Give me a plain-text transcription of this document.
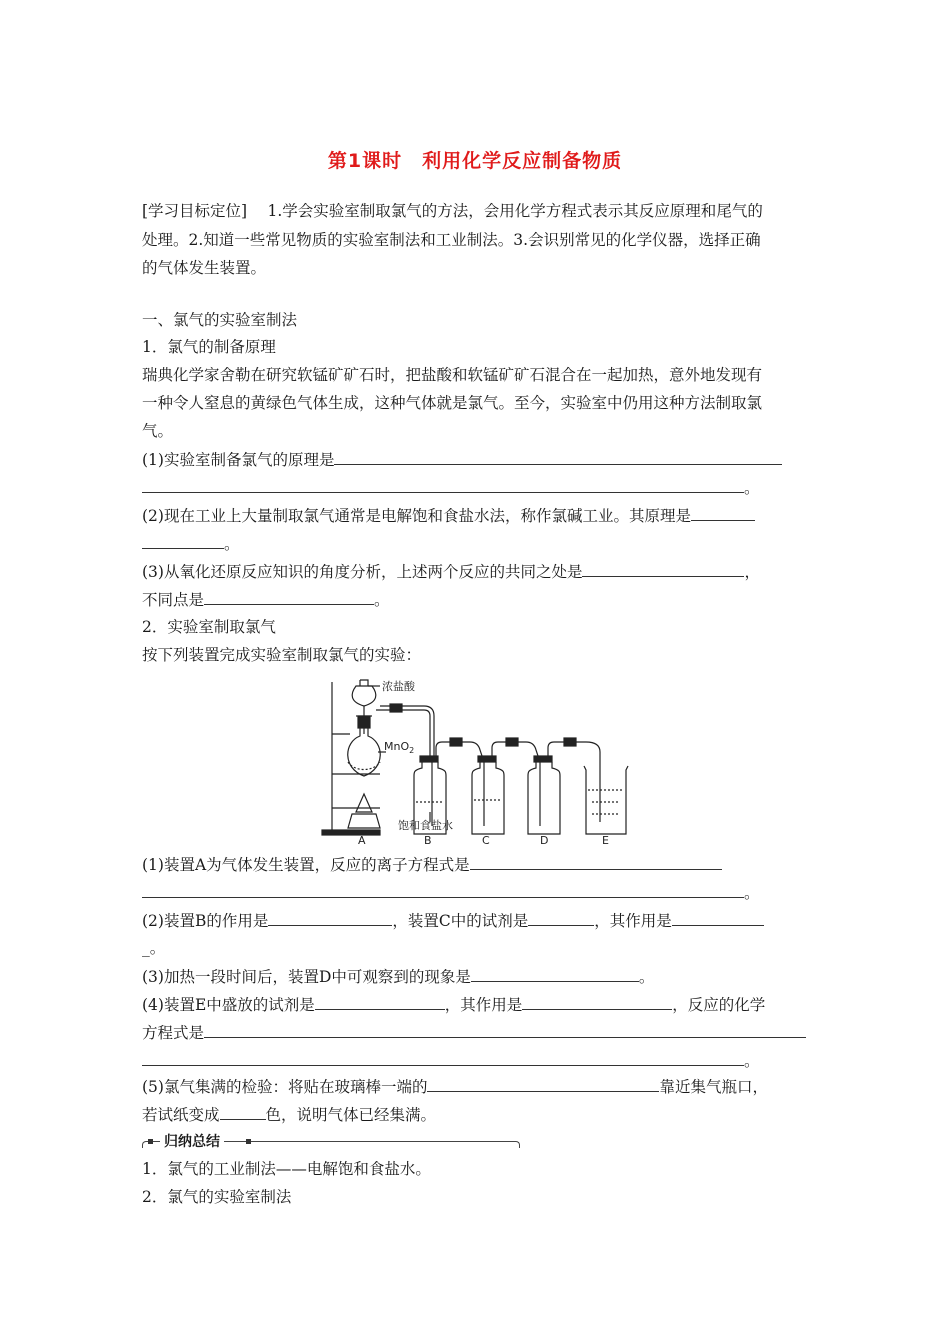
第1课时　利用化学反应制备物质
[学习目标定位]　 1.学会实验室制取氯气的方法，会用化学方程式表示其反应原理和尾气的
处理。2.知道一些常见物质的实验室制法和工业制法。3.会识别常见的化学仪器，选择正确
的气体发生装置。
一、氯气的实验室制法
1．氯气的制备原理
瑞典化学家舍勒在研究软锰矿矿石时，把盐酸和软锰矿矿石混合在一起加热，意外地发现有
一种令人窒息的黄绿色气体生成，这种气体就是氯气。至今，实验室中仍用这种方法制取氯
气。
(1)实验室制备氯气的原理是
。
(2)现在工业上大量制取氯气通常是电解饱和食盐水法，称作氯碱工业。其原理是
。
(3)从氧化还原反应知识的角度分析，上述两个反应的共同之处是	，
不同点是	。
2．实验室制取氯气
按下列装置完成实验室制取氯气的实验：
浓盐酸
MnO$_2$
饱和食盐水
A	B	C	D	E
(1)装置A为气体发生装置，反应的离子方程式是
。
(2)装置B的作用是	，装置C中的试剂是	，其作用是
_。
(3)加热一段时间后，装置D中可观察到的现象是	。
(4)装置E中盛放的试剂是	，其作用是	，反应的化学
方程式是
。
(5)氯气集满的检验：将贴在玻璃棒一端的	靠近集气瓶口，
若试纸变成	色，说明气体已经集满。
归纳总结
1．氯气的工业制法——电解饱和食盐水。
2．氯气的实验室制法
